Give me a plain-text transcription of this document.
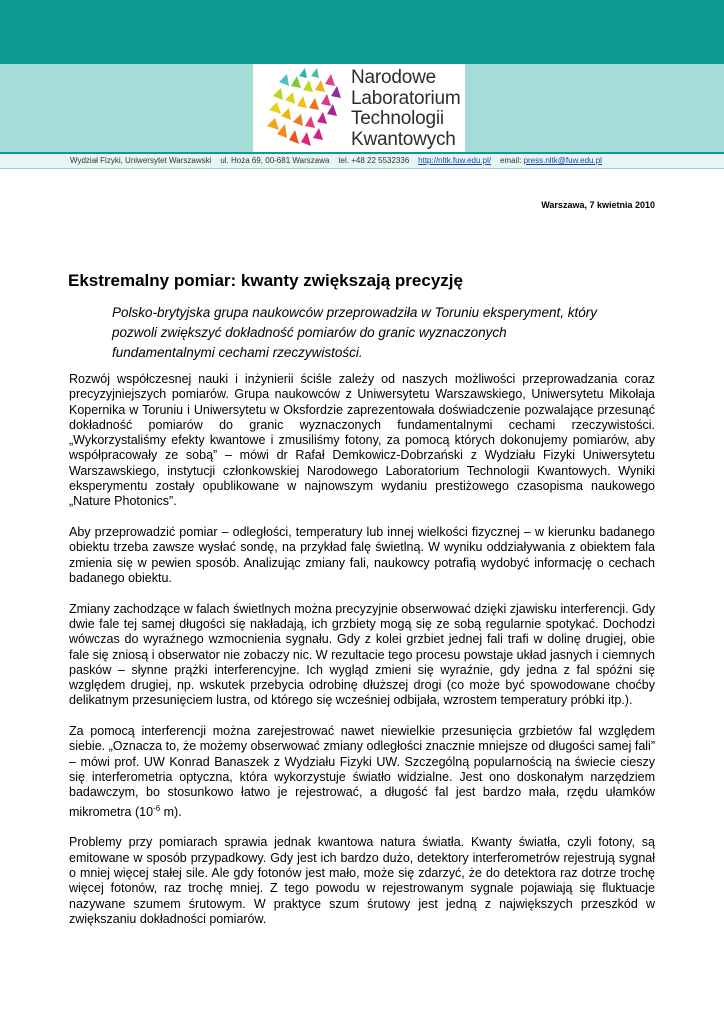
Narodowe
Laboratorium
Technologii
Kwantowych
Wydział Fizyki, Uniwersytet Warszawski ul. Hoża 69, 00-681 Warszawa tel. +48 22 5532336 http://nltk.fuw.edu.pl/ email: press.nltk@fuw.edu.pl
Warszawa, 7 kwietnia 2010
Ekstremalny pomiar: kwanty zwiększają precyzję

Polsko-brytyjska grupa naukowców przeprowadziła w Toruniu eksperyment, który pozwoli zwiększyć dokładność pomiarów do granic wyznaczonych fundamentalnymi cechami rzeczywistości.

Rozwój współczesnej nauki i inżynierii ściśle zależy od naszych możliwości przeprowadzania coraz precyzyjniejszych pomiarów. Grupa naukowców z Uniwersytetu Warszawskiego, Uniwersytetu Mikołaja Kopernika w Toruniu i Uniwersytetu w Oksfordzie zaprezentowała doświadczenie pozwalające przesunąć dokładność pomiarów do granic wyznaczonych fundamentalnymi cechami rzeczywistości. „Wykorzystaliśmy efekty kwantowe i zmusiliśmy fotony, za pomocą których dokonujemy pomiarów, aby współpracowały ze sobą” – mówi dr Rafał Demkowicz-Dobrzański z Wydziału Fizyki Uniwersytetu Warszawskiego, instytucji członkowskiej Narodowego Laboratorium Technologii Kwantowych. Wyniki eksperymentu zostały opublikowane w najnowszym wydaniu prestiżowego czasopisma naukowego „Nature Photonics”.

Aby przeprowadzić pomiar – odległości, temperatury lub innej wielkości fizycznej – w kierunku badanego obiektu trzeba zawsze wysłać sondę, na przykład falę świetlną. W wyniku oddziaływania z obiektem fala zmienia się w pewien sposób. Analizując zmiany fali, naukowcy potrafią wydobyć informację o cechach badanego obiektu.

Zmiany zachodzące w falach świetlnych można precyzyjnie obserwować dzięki zjawisku interferencji. Gdy dwie fale tej samej długości się nakładają, ich grzbiety mogą się ze sobą regularnie spotykać. Dochodzi wówczas do wyraźnego wzmocnienia sygnału. Gdy z kolei grzbiet jednej fali trafi w dolinę drugiej, obie fale się zniosą i obserwator nie zobaczy nic. W rezultacie tego procesu powstaje układ jasnych i ciemnych pasków – słynne prążki interferencyjne. Ich wygląd zmieni się wyraźnie, gdy jedna z fal spóźni się względem drugiej, np. wskutek przebycia odrobinę dłuższej drogi (co może być spowodowane choćby delikatnym przesunięciem lustra, od którego się wcześniej odbijała, wzrostem temperatury próbki itp.).

Za pomocą interferencji można zarejestrować nawet niewielkie przesunięcia grzbietów fal względem siebie. „Oznacza to, że możemy obserwować zmiany odległości znacznie mniejsze od długości samej fali” – mówi prof. UW Konrad Banaszek z Wydziału Fizyki UW. Szczególną popularnością na świecie cieszy się interferometria optyczna, która wykorzystuje światło widzialne. Jest ono doskonałym narzędziem badawczym, bo stosunkowo łatwo je rejestrować, a długość fal jest bardzo mała, rzędu ułamków mikrometra ($10^{-6}$ m).

Problemy przy pomiarach sprawia jednak kwantowa natura światła. Kwanty światła, czyli fotony, są emitowane w sposób przypadkowy. Gdy jest ich bardzo dużo, detektory interferometrów rejestrują sygnał o mniej więcej stałej sile. Ale gdy fotonów jest mało, może się zdarzyć, że do detektora raz dotrze trochę więcej fotonów, raz trochę mniej. Z tego powodu w rejestrowanym sygnale pojawiają się fluktuacje nazywane szumem śrutowym. W praktyce szum śrutowy jest jedną z największych przeszkód w zwiększaniu dokładności pomiarów.
